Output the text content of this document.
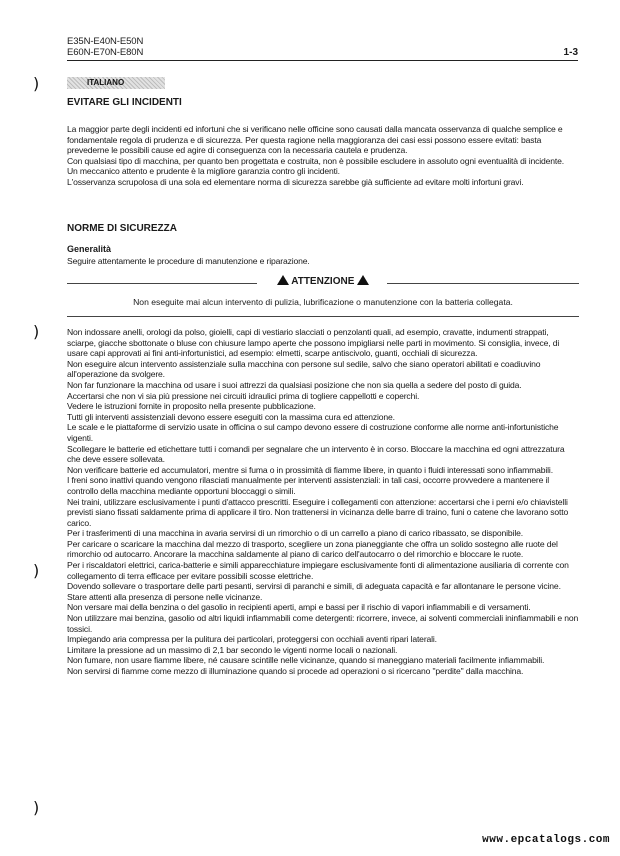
E35N-E40N-E50N
E60N-E70N-E80N	1-3
ITALIANO
)
)
)
)
EVITARE GLI INCIDENTI

La maggior parte degli incidenti ed infortuni che si verificano nelle officine sono causati dalla mancata osservanza di qualche semplice e fondamentale regola di prudenza e di sicurezza. Per questa ragione nella maggioranza dei casi essi possono essere evitati: basta prevederne le possibili cause ed agire di conseguenza con la necessaria cautela e prudenza.

Con qualsiasi tipo di macchina, per quanto ben progettata e costruita, non è possibile escludere in assoluto ogni eventualità di incidente.

Un meccanico attento e prudente è la migliore garanzia contro gli incidenti.

L'osservanza scrupolosa di una sola ed elementare norma di sicurezza sarebbe già sufficiente ad evitare molti infortuni gravi.

NORME DI SICUREZZA
Generalità

Seguire attentamente le procedure di manutenzione e riparazione.

ATTENZIONE
Non eseguite mai alcun intervento di pulizia, lubrificazione o manutenzione con la batteria collegata.

Non indossare anelli, orologi da polso, gioielli, capi di vestiario slacciati o penzolanti quali, ad esempio, cravatte, indumenti strappati, sciarpe, giacche sbottonate o bluse con chiusure lampo aperte che possono impigliarsi nelle parti in movimento. Si consiglia, invece, di usare capi approvati ai fini anti-infortunistici, ad esempio: elmetti, scarpe antiscivolo, guanti, occhiali di sicurezza.

Non eseguire alcun intervento assistenziale sulla macchina con persone sul sedile, salvo che siano operatori abilitati e coadiuvino all'operazione da svolgere.

Non far funzionare la macchina od usare i suoi attrezzi da qualsiasi posizione che non sia quella a sedere del posto di guida.

Accertarsi che non vi sia più pressione nei circuiti idraulici prima di togliere cappellotti e coperchi.

Vedere le istruzioni fornite in proposito nella presente pubblicazione.

Tutti gli interventi assistenziali devono essere eseguiti con la massima cura ed attenzione.

Le scale e le piattaforme di servizio usate in officina o sul campo devono essere di costruzione conforme alle norme anti-infortunistiche vigenti.

Scollegare le batterie ed etichettare tutti i comandi per segnalare che un intervento è in corso. Bloccare la macchina ed ogni attrezzatura che deve essere sollevata.

Non verificare batterie ed accumulatori, mentre si fuma o in prossimità di fiamme libere, in quanto i fluidi interessati sono infiammabili.

I freni sono inattivi quando vengono rilasciati manualmente per interventi assistenziali: in tali casi, occorre provvedere a mantenere il controllo della macchina mediante opportuni bloccaggi o simili.

Nei traini, utilizzare esclusivamente i punti d'attacco prescritti. Eseguire i collegamenti con attenzione: accertarsi che i perni e/o chiavistelli previsti siano fissati saldamente prima di applicare il tiro. Non trattenersi in vicinanza delle barre di traino, funi o catene che lavorano sotto carico.

Per i trasferimenti di una macchina in avaria servirsi di un rimorchio o di un carrello a piano di carico ribassato, se disponibile.

Per caricare o scaricare la macchina dal mezzo di trasporto, scegliere un zona pianeggiante che offra un solido sostegno alle ruote del rimorchio od autocarro. Ancorare la macchina saldamente al piano di carico dell'autocarro o del rimorchio e bloccare le ruote.

Per i riscaldatori elettrici, carica-batterie e simili apparecchiature impiegare esclusivamente fonti di alimentazione ausiliaria di corrente con collegamento di terra efficace per evitare possibili scosse elettriche.

Dovendo sollevare o trasportare delle parti pesanti, servirsi di paranchi e simili, di adeguata capacità e far allontanare le persone vicine.

Stare attenti alla presenza di persone nelle vicinanze.

Non versare mai della benzina o del gasolio in recipienti aperti, ampi e bassi per il rischio di vapori infiammabili e di versamenti.

Non utilizzare mai benzina, gasolio od altri liquidi infiammabili come detergenti: ricorrere, invece, ai solventi commerciali ininfiammabili e non tossici.

Impiegando aria compressa per la pulitura dei particolari, proteggersi con occhiali aventi ripari laterali.

Limitare la pressione ad un massimo di 2,1 bar secondo le vigenti norme locali o nazionali.

Non fumare, non usare fiamme libere, né causare scintille nelle vicinanze, quando si maneggiano materiali facilmente infiammabili.

Non servirsi di fiamme come mezzo di illuminazione quando si procede ad operazioni o si ricercano "perdite" dalla macchina.

www.epcatalogs.com
